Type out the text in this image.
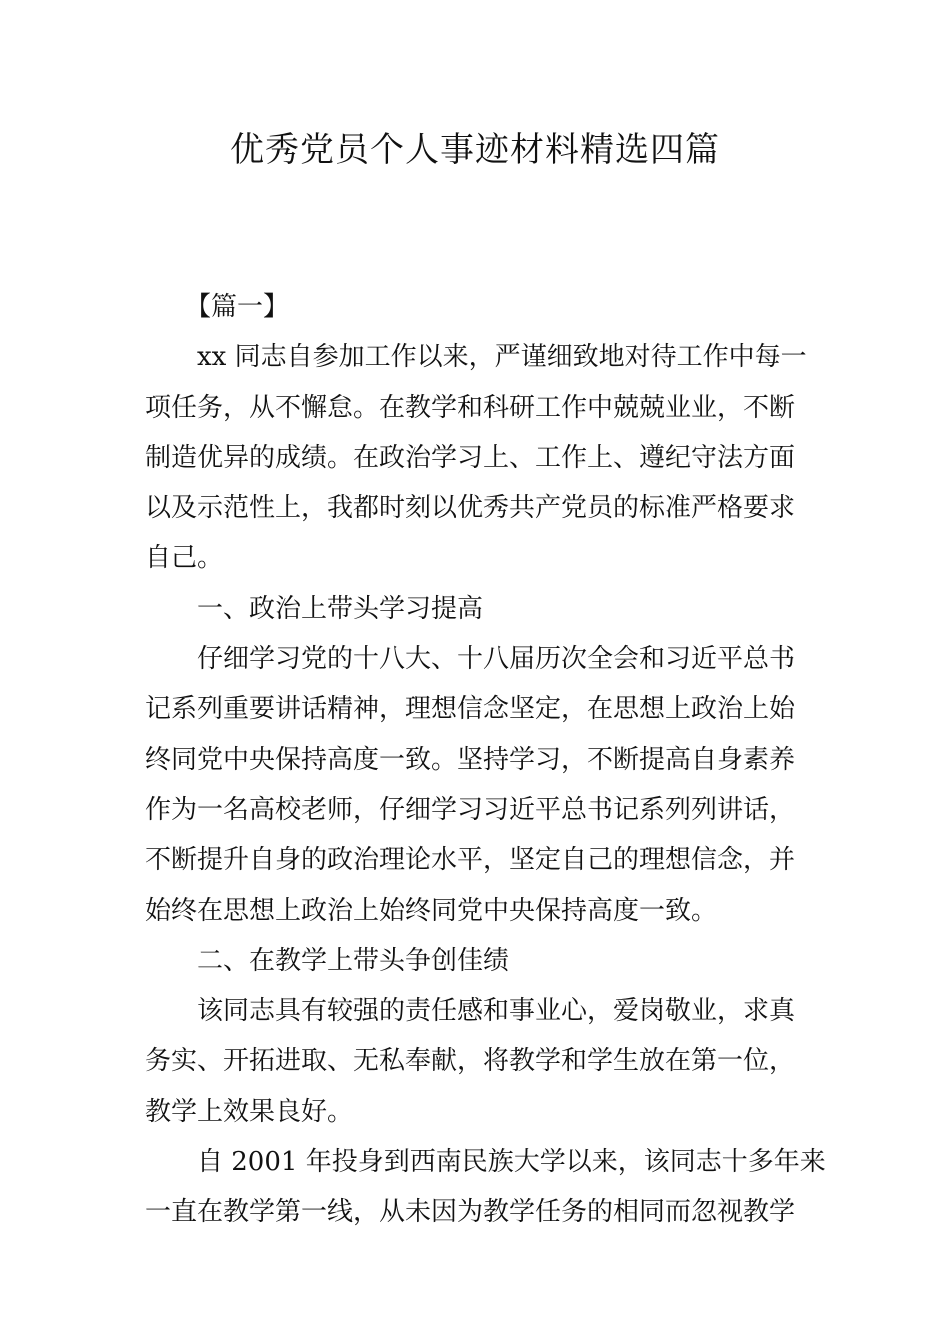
优秀党员个人事迹材料精选四篇
【篇一】
xx 同志自参加工作以来，严谨细致地对待工作中每一
项任务，从不懈怠。在教学和科研工作中兢兢业业，不断
制造优异的成绩。在政治学习上、工作上、遵纪守法方面
以及示范性上，我都时刻以优秀共产党员的标准严格要求
自己。
一、政治上带头学习提高
仔细学习党的十八大、十八届历次全会和习近平总书
记系列重要讲话精神，理想信念坚定，在思想上政治上始
终同党中央保持高度一致。坚持学习，不断提高自身素养
作为一名高校老师，仔细学习习近平总书记系列列讲话，
不断提升自身的政治理论水平，坚定自己的理想信念，并
始终在思想上政治上始终同党中央保持高度一致。
二、在教学上带头争创佳绩
该同志具有较强的责任感和事业心，爱岗敬业，求真
务实、开拓进取、无私奉献，将教学和学生放在第一位，
教学上效果良好。
自 2001 年投身到西南民族大学以来，该同志十多年来
一直在教学第一线，从未因为教学任务的相同而忽视教学
